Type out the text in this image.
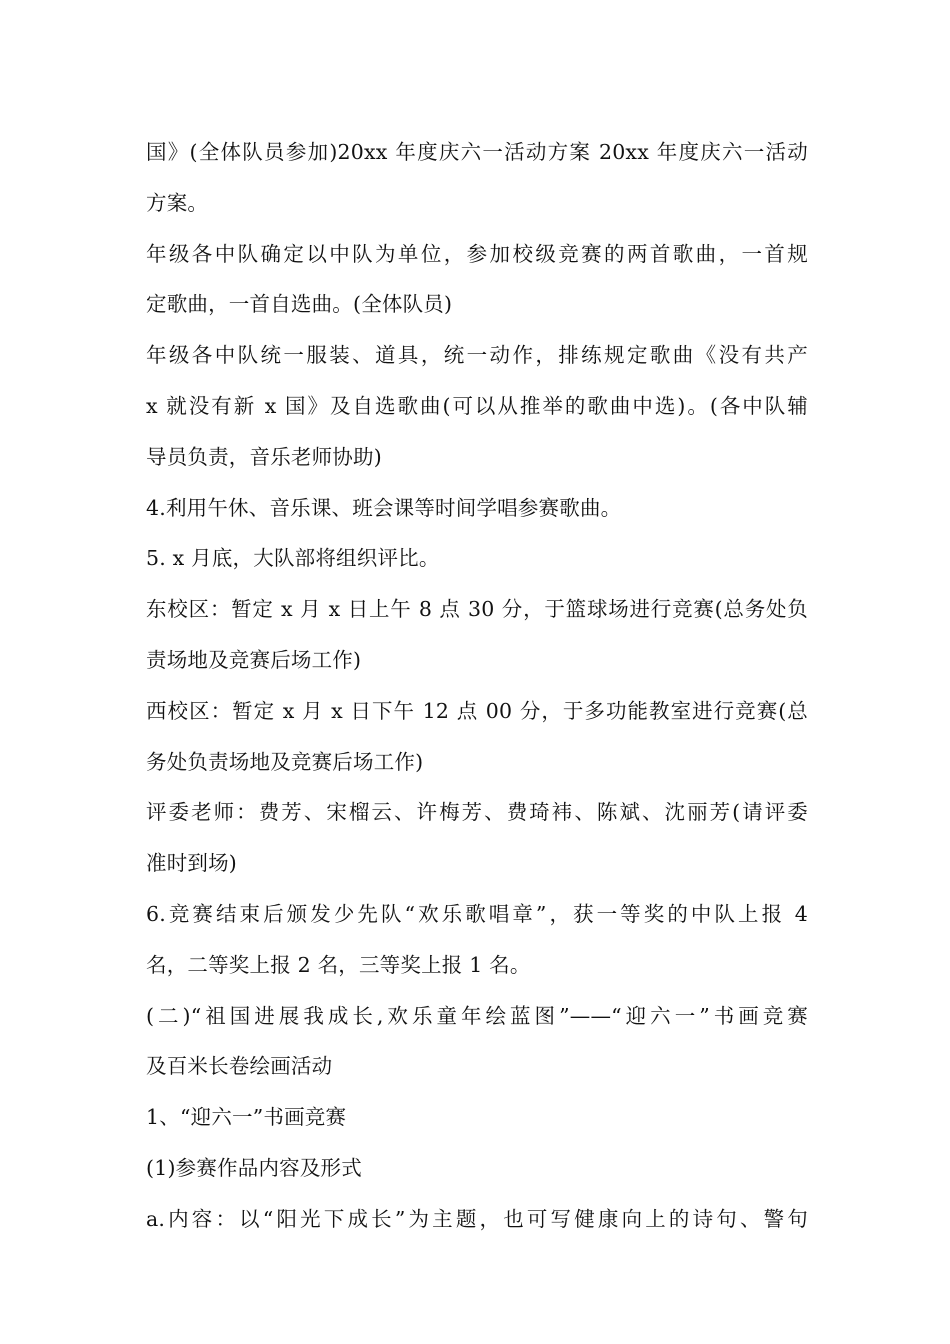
国》(全体队员参加)20xx 年度庆六一活动方案 20xx 年度庆六一活动
方案。
年级各中队确定以中队为单位，参加校级竞赛的两首歌曲，一首规
定歌曲，一首自选曲。(全体队员)
年级各中队统一服装、道具，统一动作，排练规定歌曲《没有共产
x 就没有新 x 国》及自选歌曲(可以从推举的歌曲中选)。(各中队辅
导员负责，音乐老师协助)
4.利用午休、音乐课、班会课等时间学唱参赛歌曲。
5. x 月底，大队部将组织评比。
东校区：暂定 x 月 x 日上午 8 点 30 分，于篮球场进行竞赛(总务处负
责场地及竞赛后场工作)
西校区：暂定 x 月 x 日下午 12 点 00 分，于多功能教室进行竞赛(总
务处负责场地及竞赛后场工作)
评委老师：费芳、宋榴云、许梅芳、费琦袆、陈斌、沈丽芳(请评委
准时到场)
6.竞赛结束后颁发少先队“欢乐歌唱章”，获一等奖的中队上报 4
名，二等奖上报 2 名，三等奖上报 1 名。
(二)“祖国进展我成长,欢乐童年绘蓝图”——“迎六一”书画竞赛
及百米长卷绘画活动
1、“迎六一”书画竞赛
(1)参赛作品内容及形式
a.内容：以“阳光下成长”为主题，也可写健康向上的诗句、警句
